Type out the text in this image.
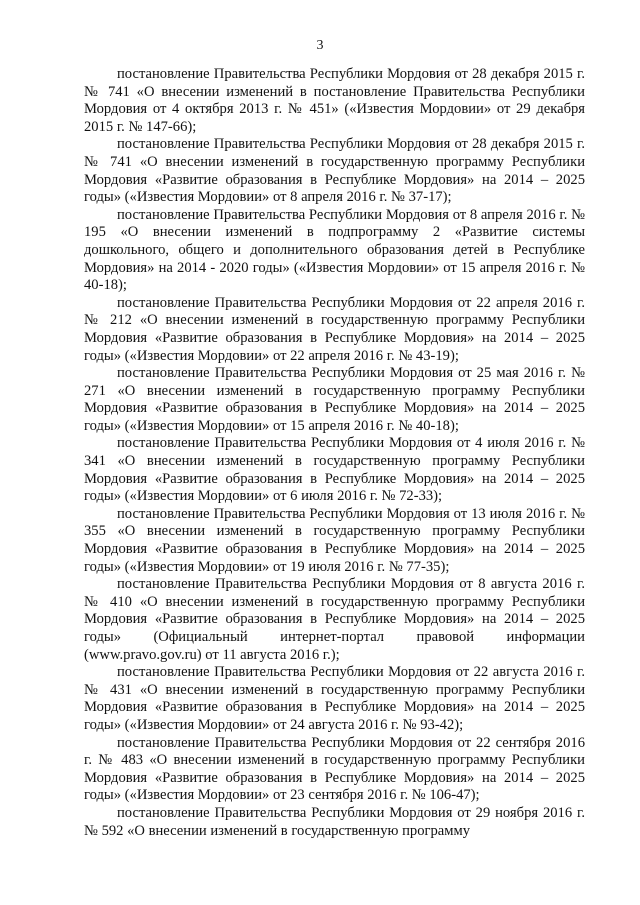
3

постановление Правительства Республики Мордовия от 28 декабря 2015 г. № 741 «О внесении изменений в постановление Правительства Республики Мордовия от 4 октября 2013 г. № 451» («Известия Мордовии» от 29 декабря 2015 г. № 147-66);

постановление Правительства Республики Мордовия от 28 декабря 2015 г. № 741 «О внесении изменений в государственную программу Республики Мордовия «Развитие образования в Республике Мордовия» на 2014 – 2025 годы» («Известия Мордовии» от 8 апреля 2016 г. № 37-17);

постановление Правительства Республики Мордовия от 8 апреля 2016 г. № 195 «О внесении изменений в подпрограмму 2 «Развитие системы дошкольного, общего и дополнительного образования детей в Республике Мордовия» на 2014 - 2020 годы» («Известия Мордовии» от 15 апреля 2016 г. № 40-18);

постановление Правительства Республики Мордовия от 22 апреля 2016 г. № 212 «О внесении изменений в государственную программу Республики Мордовия «Развитие образования в Республике Мордовия» на 2014 – 2025 годы» («Известия Мордовии» от 22 апреля 2016 г. № 43-19);

постановление Правительства Республики Мордовия от 25 мая 2016 г. № 271 «О внесении изменений в государственную программу Республики Мордовия «Развитие образования в Республике Мордовия» на 2014 – 2025 годы» («Известия Мордовии» от 15 апреля 2016 г. № 40-18);

постановление Правительства Республики Мордовия от 4 июля 2016 г. № 341 «О внесении изменений в государственную программу Республики Мордовия «Развитие образования в Республике Мордовия» на 2014 – 2025 годы» («Известия Мордовии» от 6 июля 2016 г. № 72-33);

постановление Правительства Республики Мордовия от 13 июля 2016 г. № 355 «О внесении изменений в государственную программу Республики Мордовия «Развитие образования в Республике Мордовия» на 2014 – 2025 годы» («Известия Мордовии» от 19 июля 2016 г. № 77-35);

постановление Правительства Республики Мордовия от 8 августа 2016 г. № 410 «О внесении изменений в государственную программу Республики Мордовия «Развитие образования в Республике Мордовия» на 2014 – 2025 годы» (Официальный интернет-портал правовой информации (www.pravo.gov.ru) от 11 августа 2016 г.);

постановление Правительства Республики Мордовия от 22 августа 2016 г. № 431 «О внесении изменений в государственную программу Республики Мордовия «Развитие образования в Республике Мордовия» на 2014 – 2025 годы» («Известия Мордовии» от 24 августа 2016 г. № 93-42);

постановление Правительства Республики Мордовия от 22 сентября 2016 г. № 483 «О внесении изменений в государственную программу Республики Мордовия «Развитие образования в Республике Мордовия» на 2014 – 2025 годы» («Известия Мордовии» от 23 сентября 2016 г. № 106-47);

постановление Правительства Республики Мордовия от 29 ноября 2016 г. № 592 «О внесении изменений в государственную программу
